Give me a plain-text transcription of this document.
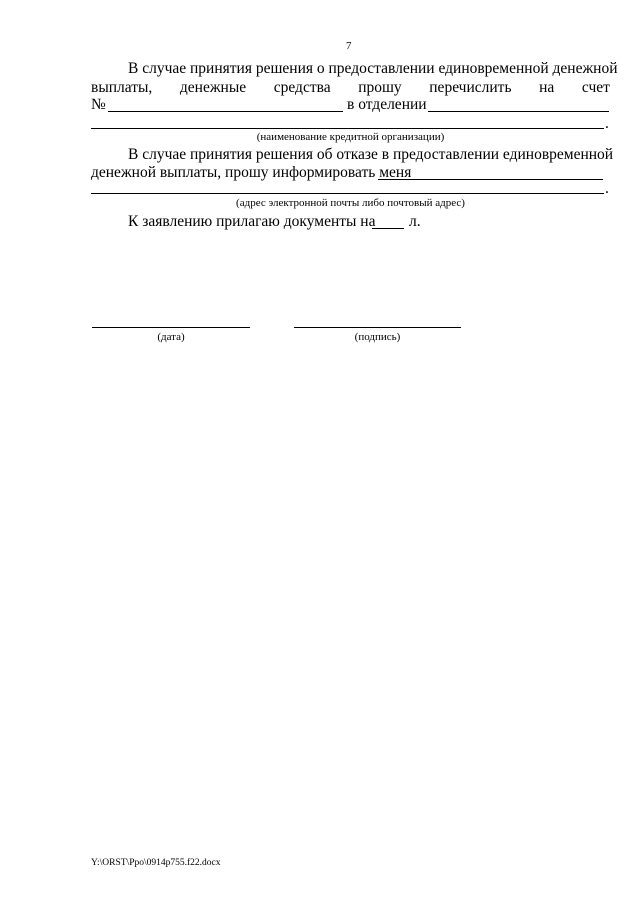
7
В случае принятия решения о предоставлении единовременной денежной
выплаты, денежные средства прошу перечислить на счет
№	в отделении
.
(наименование кредитной организации)
В случае принятия решения об отказе в предоставлении единовременной
денежной выплаты, прошу информировать меня
.
(адрес электронной почты либо почтовый адрес)
К заявлению прилагаю документы на л.
(дата)	(подпись)
Y:\ORST\Ppo\0914p755.f22.docx
